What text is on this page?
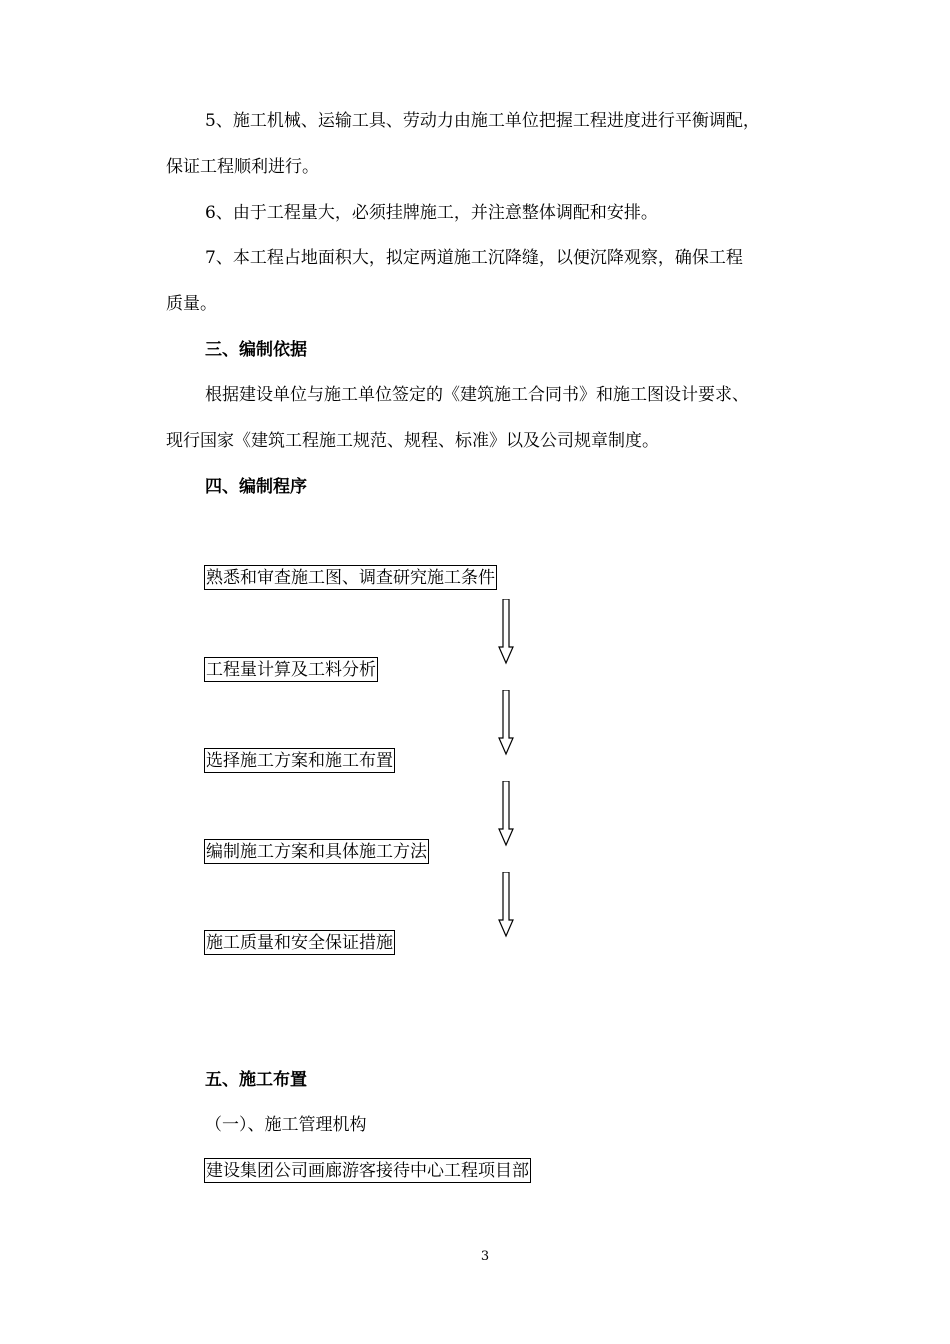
5、施工机械、运输工具、劳动力由施工单位把握工程进度进行平衡调配，
保证工程顺利进行。
6、由于工程量大，必须挂牌施工，并注意整体调配和安排。
7、本工程占地面积大，拟定两道施工沉降缝，以便沉降观察，确保工程
质量。
三、编制依据
根据建设单位与施工单位签定的《建筑施工合同书》和施工图设计要求、
现行国家《建筑工程施工规范、规程、标准》以及公司规章制度。
四、编制程序
熟悉和审查施工图、调查研究施工条件
工程量计算及工料分析
选择施工方案和施工布置
编制施工方案和具体施工方法
施工质量和安全保证措施
五、施工布置
（一）、施工管理机构
建设集团公司画廊游客接待中心工程项目部
3
